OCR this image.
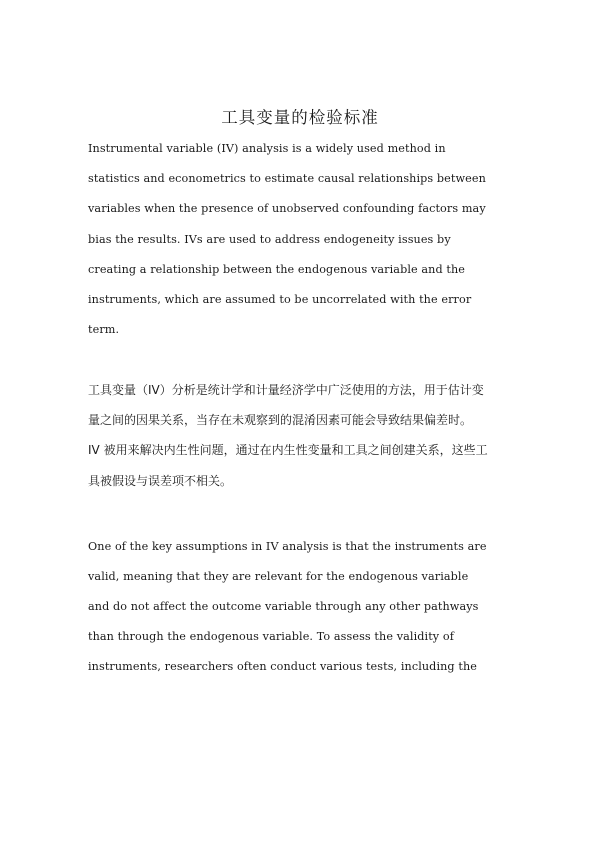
工具变量的检验标准
Instrumental variable (IV) analysis is a widely used method in
statistics and econometrics to estimate causal relationships between
variables when the presence of unobserved confounding factors may
bias the results. IVs are used to address endogeneity issues by
creating a relationship between the endogenous variable and the
instruments, which are assumed to be uncorrelated with the error
term.
工具变量（IV）分析是统计学和计量经济学中广泛使用的方法，用于估计变
量之间的因果关系，当存在未观察到的混淆因素可能会导致结果偏差时。
IV 被用来解决内生性问题，通过在内生性变量和工具之间创建关系，这些工
具被假设与误差项不相关。
One of the key assumptions in IV analysis is that the instruments are
valid, meaning that they are relevant for the endogenous variable
and do not affect the outcome variable through any other pathways
than through the endogenous variable. To assess the validity of
instruments, researchers often conduct various tests, including the
